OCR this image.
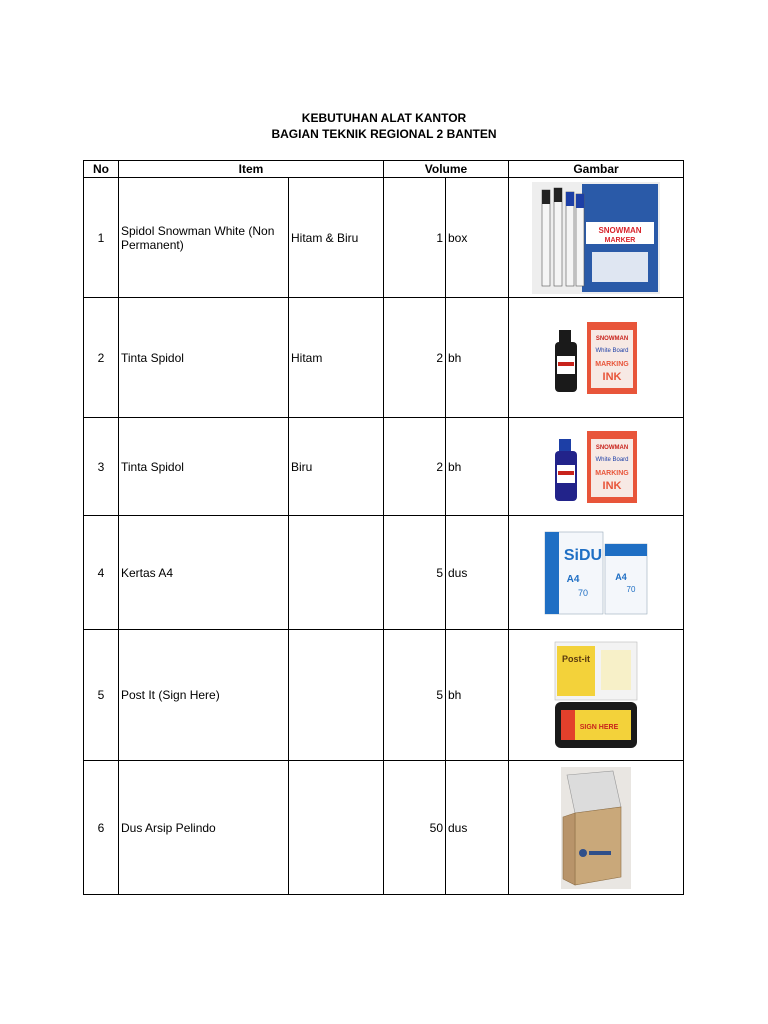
KEBUTUHAN ALAT KANTOR
BAGIAN TEKNIK REGIONAL 2 BANTEN
No	Item		Volume		Gambar
1	Spidol Snowman White (Non Permanent)	Hitam & Biru	1	box	SNOWMAN
MARKER

2	Tinta Spidol	Hitam	2	bh	SNOWMAN
White Board
MARKING
INK

3	Tinta Spidol	Biru	2	bh	SNOWMAN
White Board
MARKING
INK

4	Kertas A4		5	dus	A4
70
SiDU
A4
70

5	Post It (Sign Here)		5	bh	Post-it
SIGN HERE

6	Dus Arsip Pelindo		50	dus	
